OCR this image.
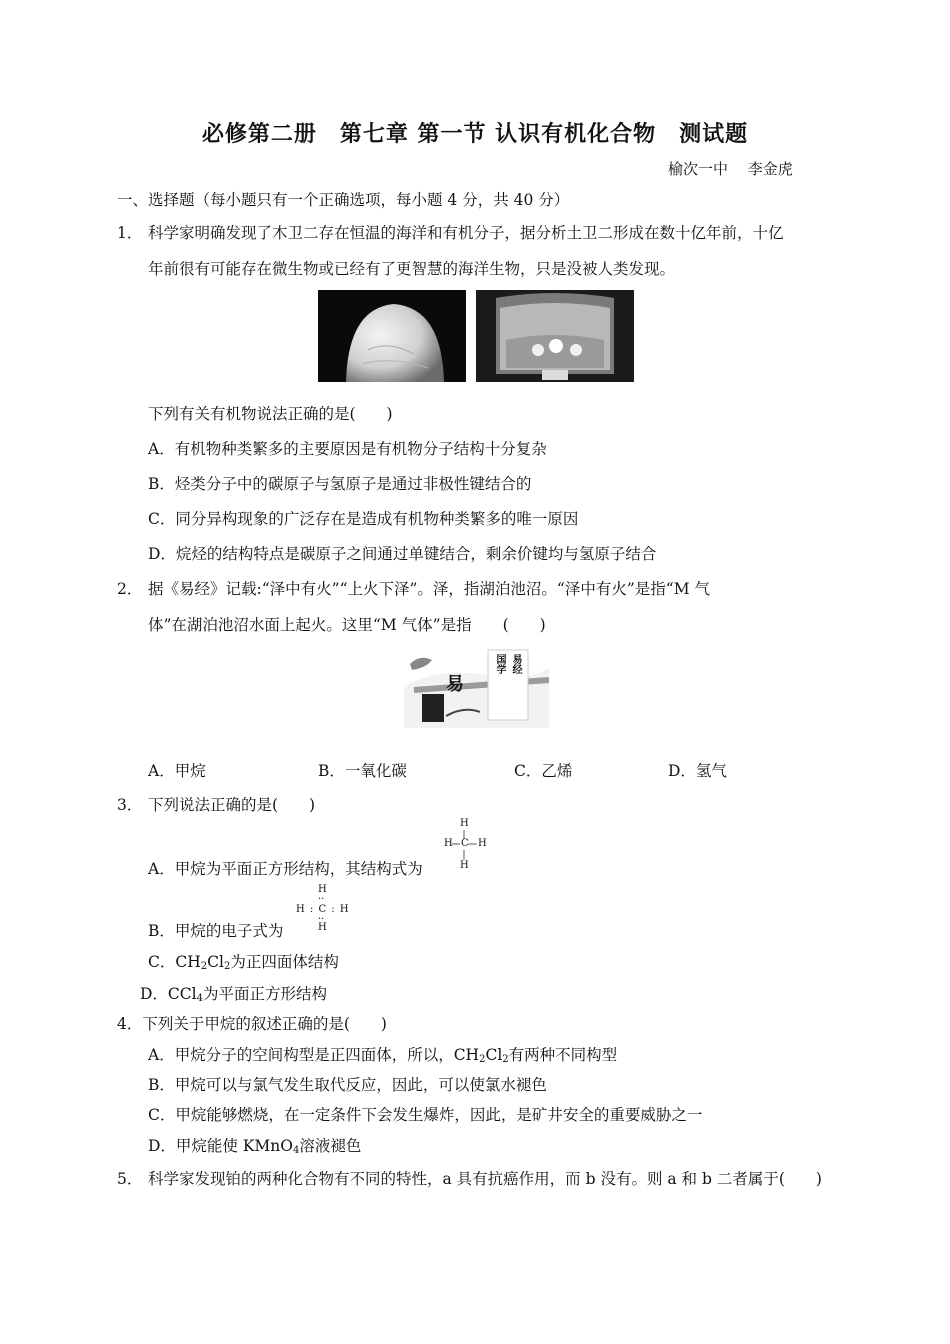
必修第二册　第七章 第一节 认识有机化合物　测试题
榆次一中　 李金虎
一、选择题（每小题只有一个正确选项，每小题 4 分，共 40 分）
1． 科学家明确发现了木卫二存在恒温的海洋和有机分子，据分析土卫二形成在数十亿年前，十亿
年前很有可能存在微生物或已经有了更智慧的海洋生物，只是没被人类发现。
下列有关有机物说法正确的是(　　)
A．有机物种类繁多的主要原因是有机物分子结构十分复杂
B．烃类分子中的碳原子与氢原子是通过非极性键结合的
C．同分异构现象的广泛存在是造成有机物种类繁多的唯一原因
D．烷烃的结构特点是碳原子之间通过单键结合，剩余价键均与氢原子结合
2． 据《易经》记载:“泽中有火”“上火下泽”。泽，指湖泊池沼。“泽中有火”是指“M 气
体”在湖泊池沼水面上起火。这里“M 气体”是指　　(　　)
易
国学 易经
A．甲烷	B．一氧化碳	C．乙烯	D．氢气
3． 下列说法正确的是(　　)
A．甲烷为平面正方形结构，其结构式为
H
H C H
H
B．甲烷的电子式为
H
··
H : C : H
··
H
C．$CH_2Cl_2$为正四面体结构
D．CCl$_4$为平面正方形结构
4．下列关于甲烷的叙述正确的是(　　)
A．甲烷分子的空间构型是正四面体，所以，$CH_2Cl_2$有两种不同构型
B．甲烷可以与氯气发生取代反应，因此，可以使氯水褪色
C．甲烷能够燃烧，在一定条件下会发生爆炸，因此，是矿井安全的重要威胁之一
D．甲烷能使 KMnO$_4$溶液褪色
5． 科学家发现铂的两种化合物有不同的特性，a 具有抗癌作用，而 b 没有。则 a 和 b 二者属于(　　)
